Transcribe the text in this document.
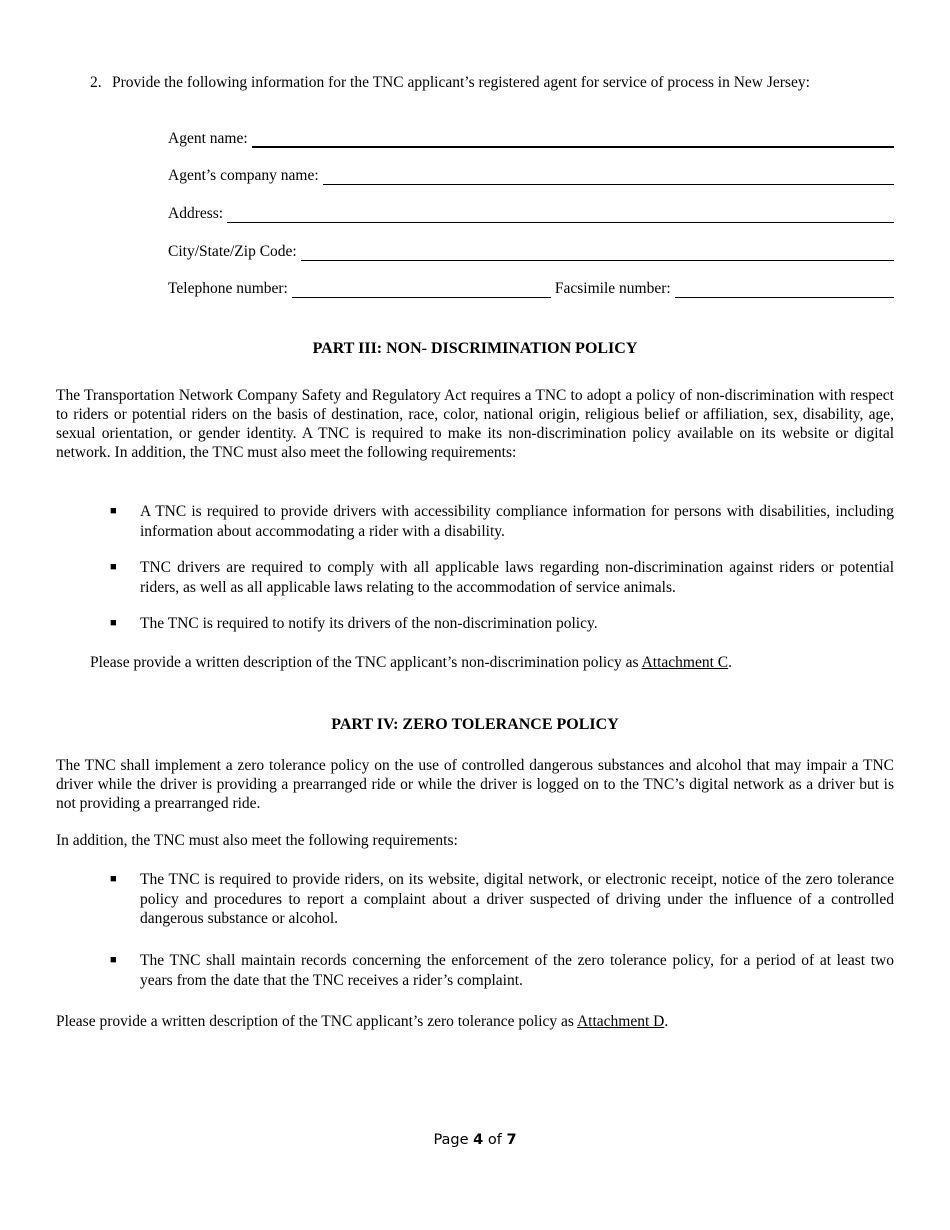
2. Provide the following information for the TNC applicant’s registered agent for service of process in New Jersey:
Agent name:
Agent’s company name:
Address:
City/State/Zip Code:
Telephone number:	Facsimile number:
PART III: NON- DISCRIMINATION POLICY
The Transportation Network Company Safety and Regulatory Act requires a TNC to adopt a policy of non-discrimination with respect to riders or potential riders on the basis of destination, race, color, national origin, religious belief or affiliation, sex, disability, age, sexual orientation, or gender identity. A TNC is required to make its non-discrimination policy available on its website or digital network. In addition, the TNC must also meet the following requirements:
■ A TNC is required to provide drivers with accessibility compliance information for persons with disabilities, including information about accommodating a rider with a disability.
■ TNC drivers are required to comply with all applicable laws regarding non-discrimination against riders or potential riders, as well as all applicable laws relating to the accommodation of service animals.
■ The TNC is required to notify its drivers of the non-discrimination policy.
Please provide a written description of the TNC applicant’s non-discrimination policy as Attachment C.
PART IV: ZERO TOLERANCE POLICY
The TNC shall implement a zero tolerance policy on the use of controlled dangerous substances and alcohol that may impair a TNC driver while the driver is providing a prearranged ride or while the driver is logged on to the TNC’s digital network as a driver but is not providing a prearranged ride.
In addition, the TNC must also meet the following requirements:
■ The TNC is required to provide riders, on its website, digital network, or electronic receipt, notice of the zero tolerance policy and procedures to report a complaint about a driver suspected of driving under the influence of a controlled dangerous substance or alcohol.
■ The TNC shall maintain records concerning the enforcement of the zero tolerance policy, for a period of at least two years from the date that the TNC receives a rider’s complaint.
Please provide a written description of the TNC applicant’s zero tolerance policy as Attachment D.
Page 4 of 7
